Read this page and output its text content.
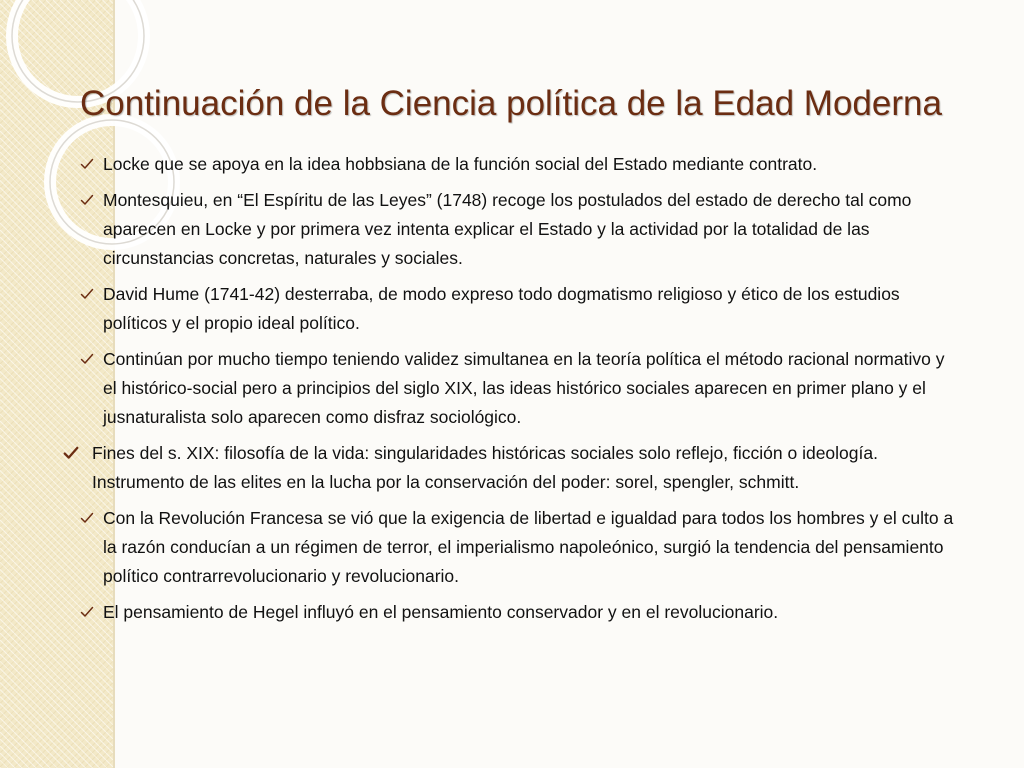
Continuación de la Ciencia política de la Edad Moderna
Locke que se apoya en la idea hobbsiana de la función social del Estado mediante contrato.
Montesquieu, en “El Espíritu de las Leyes” (1748) recoge los postulados del estado de derecho tal como aparecen en Locke y por primera vez intenta explicar el Estado y la actividad por la totalidad de las circunstancias concretas, naturales y sociales.
David Hume (1741-42) desterraba, de modo expreso todo dogmatismo religioso y ético de los estudios políticos y el propio ideal político.
Continúan por mucho tiempo teniendo validez simultanea en la teoría política el método racional normativo y el histórico-social pero a principios del siglo XIX, las ideas histórico sociales aparecen en primer plano y el jusnaturalista solo aparecen como disfraz sociológico.
Fines del s. XIX: filosofía de la vida: singularidades históricas sociales solo reflejo, ficción o ideología. Instrumento de las elites en la lucha por la conservación del poder: sorel, spengler, schmitt.
Con la Revolución Francesa se vió que la exigencia de libertad e igualdad para todos los hombres y el culto a la razón conducían a un régimen de terror, el imperialismo napoleónico, surgió la tendencia del pensamiento político contrarrevolucionario y revolucionario.
El pensamiento de Hegel influyó en el pensamiento conservador y en el revolucionario.
